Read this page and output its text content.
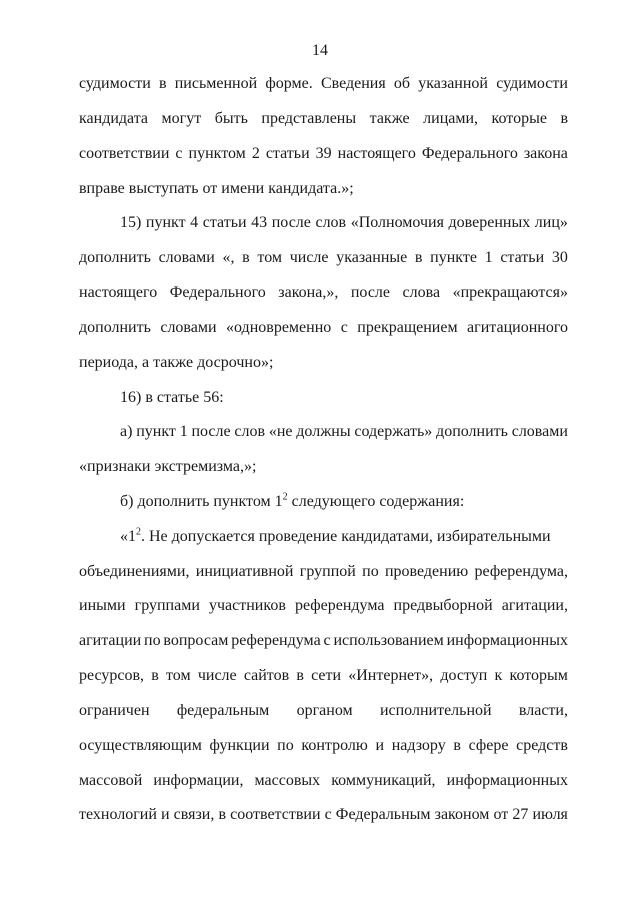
14
судимости в письменной форме. Сведения об указанной судимости
кандидата могут быть представлены также лицами, которые в
соответствии с пунктом 2 статьи 39 настоящего Федерального закона
вправе выступать от имени кандидата.»;
15) пункт 4 статьи 43 после слов «Полномочия доверенных лиц»
дополнить словами «, в том числе указанные в пункте 1 статьи 30
настоящего Федерального закона,», после слова «прекращаются»
дополнить словами «одновременно с прекращением агитационного
периода, а также досрочно»;
16) в статье 56:
а) пункт 1 после слов «не должны содержать» дополнить словами
«признаки экстремизма,»;
б) дополнить пунктом $1^2$ следующего содержания:
«$1^2$. Не допускается проведение кандидатами, избирательными
объединениями, инициативной группой по проведению референдума,
иными группами участников референдума предвыборной агитации,
агитации по вопросам референдума с использованием информационных
ресурсов, в том числе сайтов в сети «Интернет», доступ к которым
ограничен федеральным органом исполнительной власти,
осуществляющим функции по контролю и надзору в сфере средств
массовой информации, массовых коммуникаций, информационных
технологий и связи, в соответствии с Федеральным законом от 27 июля
